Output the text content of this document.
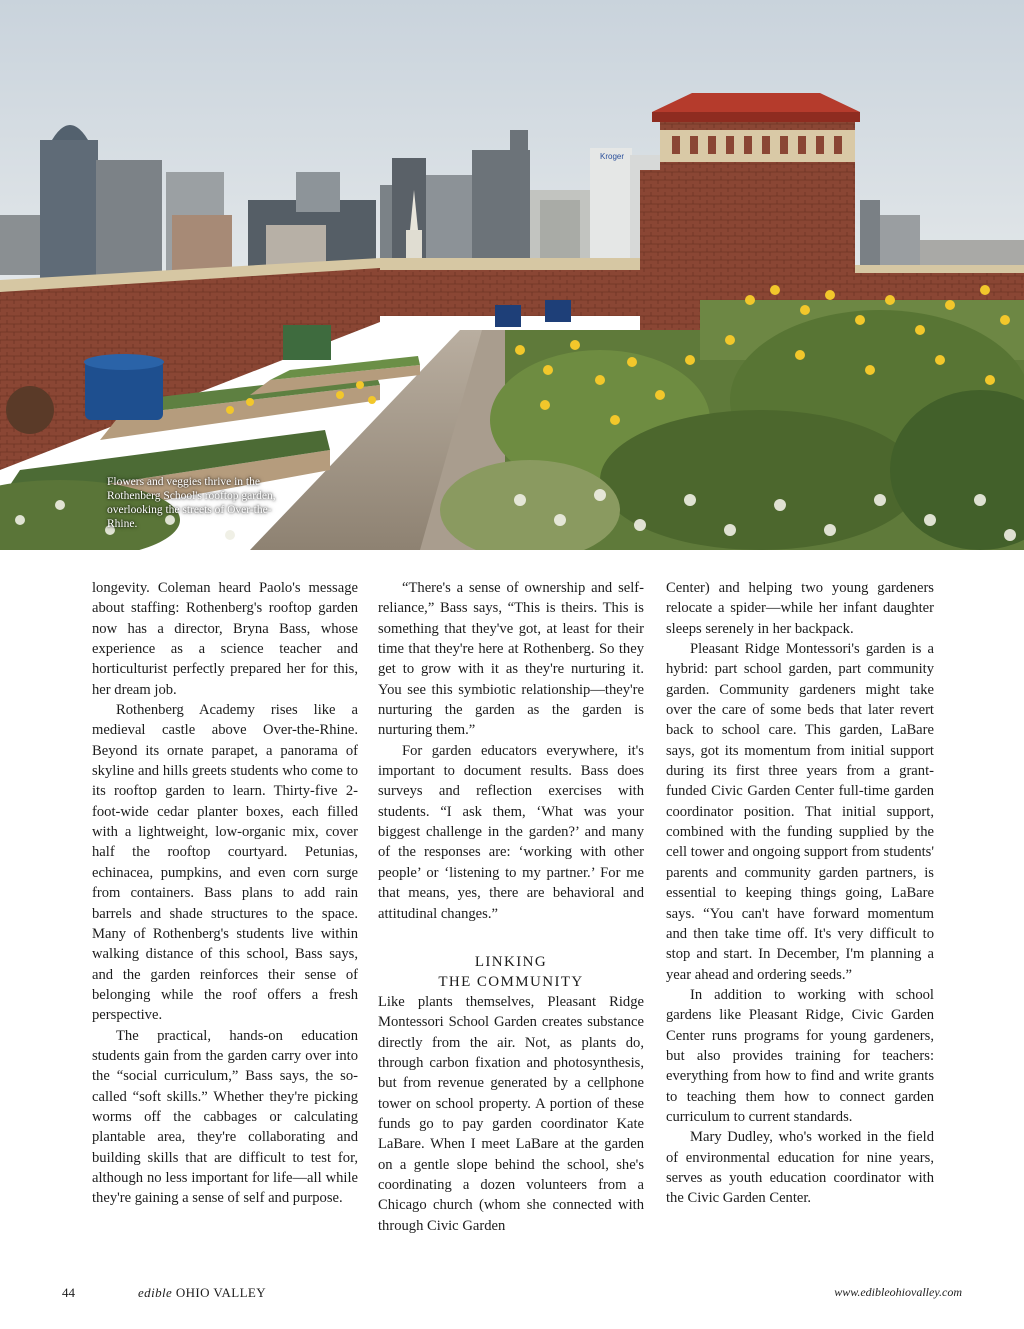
Kroger
Flowers and veggies thrive in the Rothenberg School's rooftop garden, overlooking the streets of Over-the-Rhine.

longevity. Coleman heard Paolo's message about staffing: Rothenberg's rooftop garden now has a director, Bryna Bass, whose experience as a science teacher and horticulturist perfectly prepared her for this, her dream job.

Rothenberg Academy rises like a medieval castle above Over-the-Rhine. Beyond its ornate parapet, a panorama of skyline and hills greets students who come to its rooftop garden to learn. Thirty-five 2-foot-wide cedar planter boxes, each filled with a lightweight, low-organic mix, cover half the rooftop courtyard. Petunias, echinacea, pumpkins, and even corn surge from containers. Bass plans to add rain barrels and shade structures to the space. Many of Rothenberg's students live within walking distance of this school, Bass says, and the garden reinforces their sense of belonging while the roof offers a fresh perspective.

The practical, hands-on education students gain from the garden carry over into the “social curriculum,” Bass says, the so-called “soft skills.” Whether they're picking worms off the cabbages or calculating plantable area, they're collaborating and building skills that are difficult to test for, although no less important for life—all while they're gaining a sense of self and purpose.

“There's a sense of ownership and self-reliance,” Bass says, “This is theirs. This is something that they've got, at least for their time that they're here at Rothenberg. So they get to grow with it as they're nurturing it. You see this symbiotic relationship—they're nurturing the garden as the garden is nurturing them.”

For garden educators everywhere, it's important to document results. Bass does surveys and reflection exercises with students. “I ask them, ‘What was your biggest challenge in the garden?’ and many of the responses are: ‘working with other people’ or ‘listening to my partner.’ For me that means, yes, there are behavioral and attitudinal changes.”

LINKING
THE COMMUNITY

Like plants themselves, Pleasant Ridge Montessori School Garden creates substance directly from the air. Not, as plants do, through carbon fixation and photosynthesis, but from revenue generated by a cellphone tower on school property. A portion of these funds go to pay garden coordinator Kate LaBare. When I meet LaBare at the garden on a gentle slope behind the school, she's coordinating a dozen volunteers from a Chicago church (whom she connected with through Civic Garden

Center) and helping two young gardeners relocate a spider—while her infant daughter sleeps serenely in her backpack.

Pleasant Ridge Montessori's garden is a hybrid: part school garden, part community garden. Community gardeners might take over the care of some beds that later revert back to school care. This garden, LaBare says, got its momentum from initial support during its first three years from a grant-funded Civic Garden Center full-time garden coordinator position. That initial support, combined with the funding supplied by the cell tower and ongoing support from students' parents and community garden partners, is essential to keeping things going, LaBare says. “You can't have forward momentum and then take time off. It's very difficult to stop and start. In December, I'm planning a year ahead and ordering seeds.”

In addition to working with school gardens like Pleasant Ridge, Civic Garden Center runs programs for young gardeners, but also provides training for teachers: everything from how to find and write grants to teaching them how to connect garden curriculum to current standards.

Mary Dudley, who's worked in the field of environmental education for nine years, serves as youth education coordinator with the Civic Garden Center.

44	edible OHIO VALLEY	www.edibleohiovalley.com
